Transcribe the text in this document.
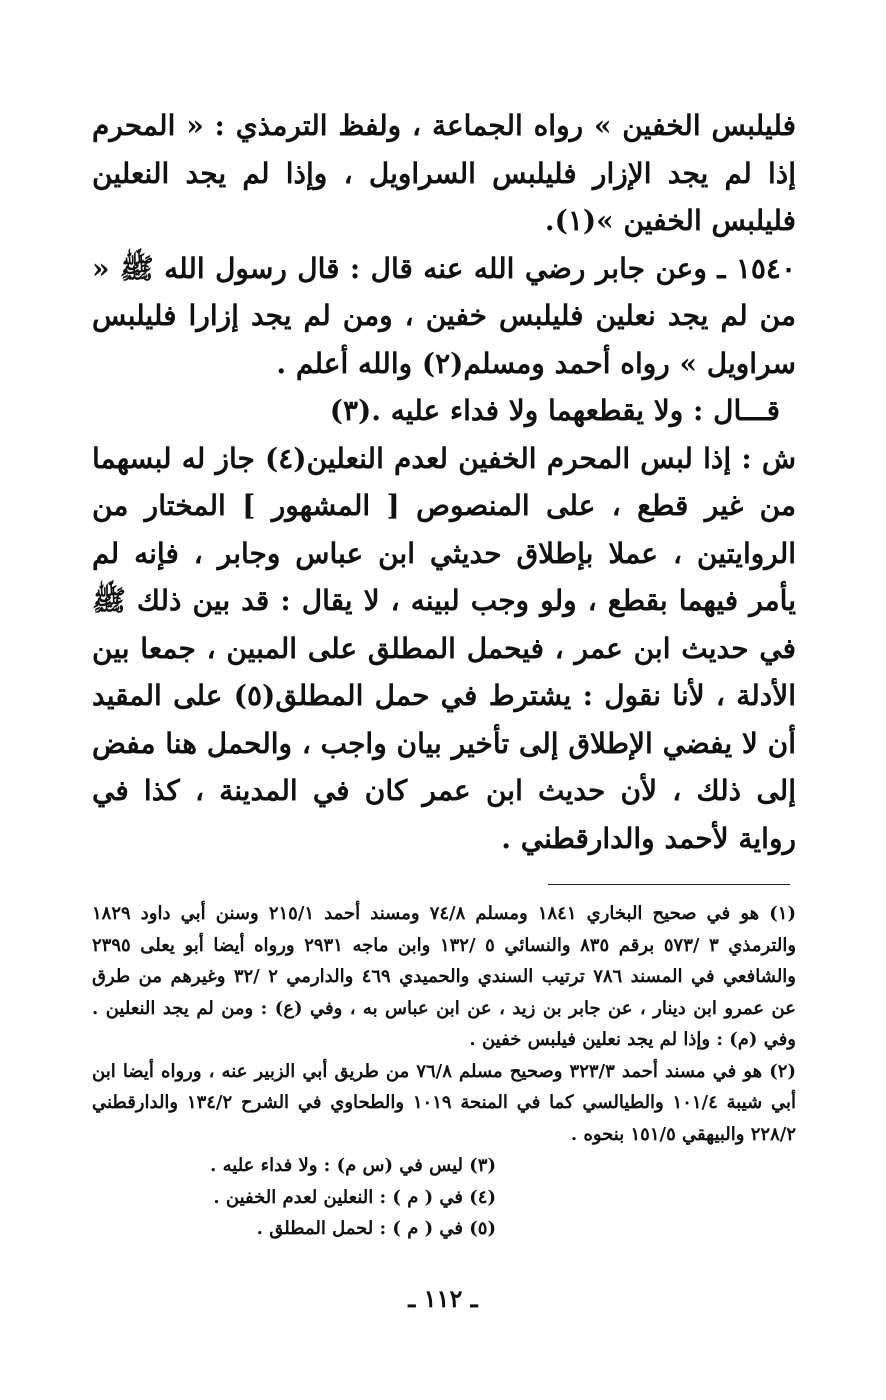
فليلبس الخفين » رواه الجماعة ، ولفظ الترمذي : « المحرم إذا لم يجد الإزار فليلبس السراويل ، وإذا لم يجد النعلين فليلبس الخفين »(١).

١٥٤٠ ـ وعن جابر رضي الله عنه قال : قال رسول الله ﷺ « من لم يجد نعلين فليلبس خفين ، ومن لم يجد إزارا فليلبس سراويل » رواه أحمد ومسلم(٢) والله أعلم .

قـــال : ولا يقطعهما ولا فداء عليه .(٣)

ش : إذا لبس المحرم الخفين لعدم النعلين(٤) جاز له لبسهما من غير قطع ، على المنصوص [ المشهور ] المختار من الروايتين ، عملا بإطلاق حديثي ابن عباس وجابر ، فإنه لم يأمر فيهما بقطع ، ولو وجب لبينه ، لا يقال : قد بين ذلك ﷺ في حديث ابن عمر ، فيحمل المطلق على المبين ، جمعا بين الأدلة ، لأنا نقول : يشترط في حمل المطلق(٥) على المقيد أن لا يفضي الإطلاق إلى تأخير بيان واجب ، والحمل هنا مفض إلى ذلك ، لأن حديث ابن عمر كان في المدينة ، كذا في رواية لأحمد والدارقطني .

(١) هو في صحيح البخاري ١٨٤١ ومسلم ٧٤/٨ ومسند أحمد ٢١٥/١ وسنن أبي داود ١٨٢٩ والترمذي ٣ /٥٧٣ برقم ٨٣٥ والنسائي ٥ /١٣٢ وابن ماجه ٢٩٣١ ورواه أيضا أبو يعلى ٢٣٩٥ والشافعي في المسند ٧٨٦ ترتيب السندي والحميدي ٤٦٩ والدارمي ٢ /٣٢ وغيرهم من طرق عن عمرو ابن دينار ، عن جابر بن زيد ، عن ابن عباس به ، وفي (ع) : ومن لم يجد النعلين . وفي (م) : وإذا لم يجد نعلين فيلبس خفين .

(٢) هو في مسند أحمد ٣٢٣/٣ وصحيح مسلم ٧٦/٨ من طريق أبي الزبير عنه ، ورواه أيضا ابن أبي شيبة ١٠١/٤ والطيالسي كما في المنحة ١٠١٩ والطحاوي في الشرح ١٣٤/٢ والدارقطني ٢٢٨/٢ والبيهقي ١٥١/٥ بنحوه .

(٣) ليس في (س م) : ولا فداء عليه .

(٤) في ( م ) : النعلين لعدم الخفين .

(٥) في ( م ) : لحمل المطلق .

ـ ١١٢ ـ
